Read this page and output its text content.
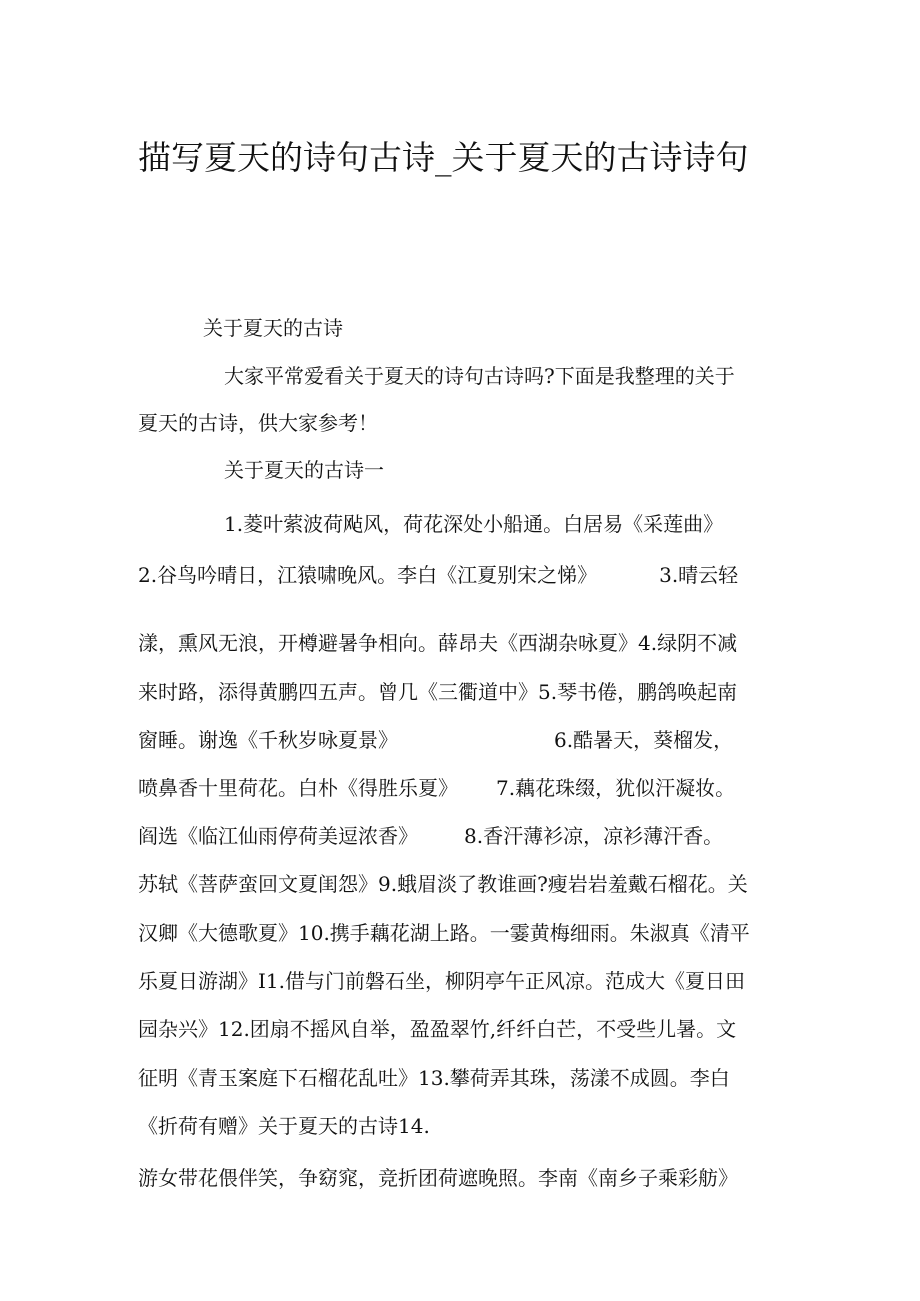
描写夏天的诗句古诗_关于夏天的古诗诗句
关于夏天的古诗
大家平常爱看关于夏天的诗句古诗吗?下面是我整理的关于
夏天的古诗，供大家参考！
关于夏天的古诗一
1.菱叶萦波荷飐风，荷花深处小船通。白居易《采莲曲》
2.谷鸟吟晴日，江猿啸晚风。李白《江夏别宋之悌》	3.晴云轻
漾，熏风无浪，开樽避暑争相向。薛昂夫《西湖杂咏夏》4.绿阴不减
来时路，添得黄鹏四五声。曾几《三衢道中》5.琴书倦，鹏鸽唤起南
窗睡。谢逸《千秋岁咏夏景》	6.酷暑天，葵榴发，
喷鼻香十里荷花。白朴《得胜乐夏》 7.藕花珠缀，犹似汗凝妆。
阎选《临江仙雨停荷美逗浓香》 8.香汗薄衫凉，凉衫薄汗香。
苏轼《菩萨蛮回文夏闺怨》9.蛾眉淡了教谁画?瘦岩岩羞戴石榴花。关
汉卿《大德歌夏》10.携手藕花湖上路。一霎黄梅细雨。朱淑真《清平
乐夏日游湖》I1.借与门前磐石坐，柳阴亭午正风凉。范成大《夏日田
园杂兴》12.团扇不摇风自举，盈盈翠竹,纤纤白芒，不受些儿暑。文
征明《青玉案庭下石榴花乱吐》13.攀荷弄其珠，荡漾不成圆。李白
《折荷有赠》关于夏天的古诗14.
游女带花偎伴笑，争窈窕，竞折团荷遮晚照。李南《南乡子乘彩舫》
